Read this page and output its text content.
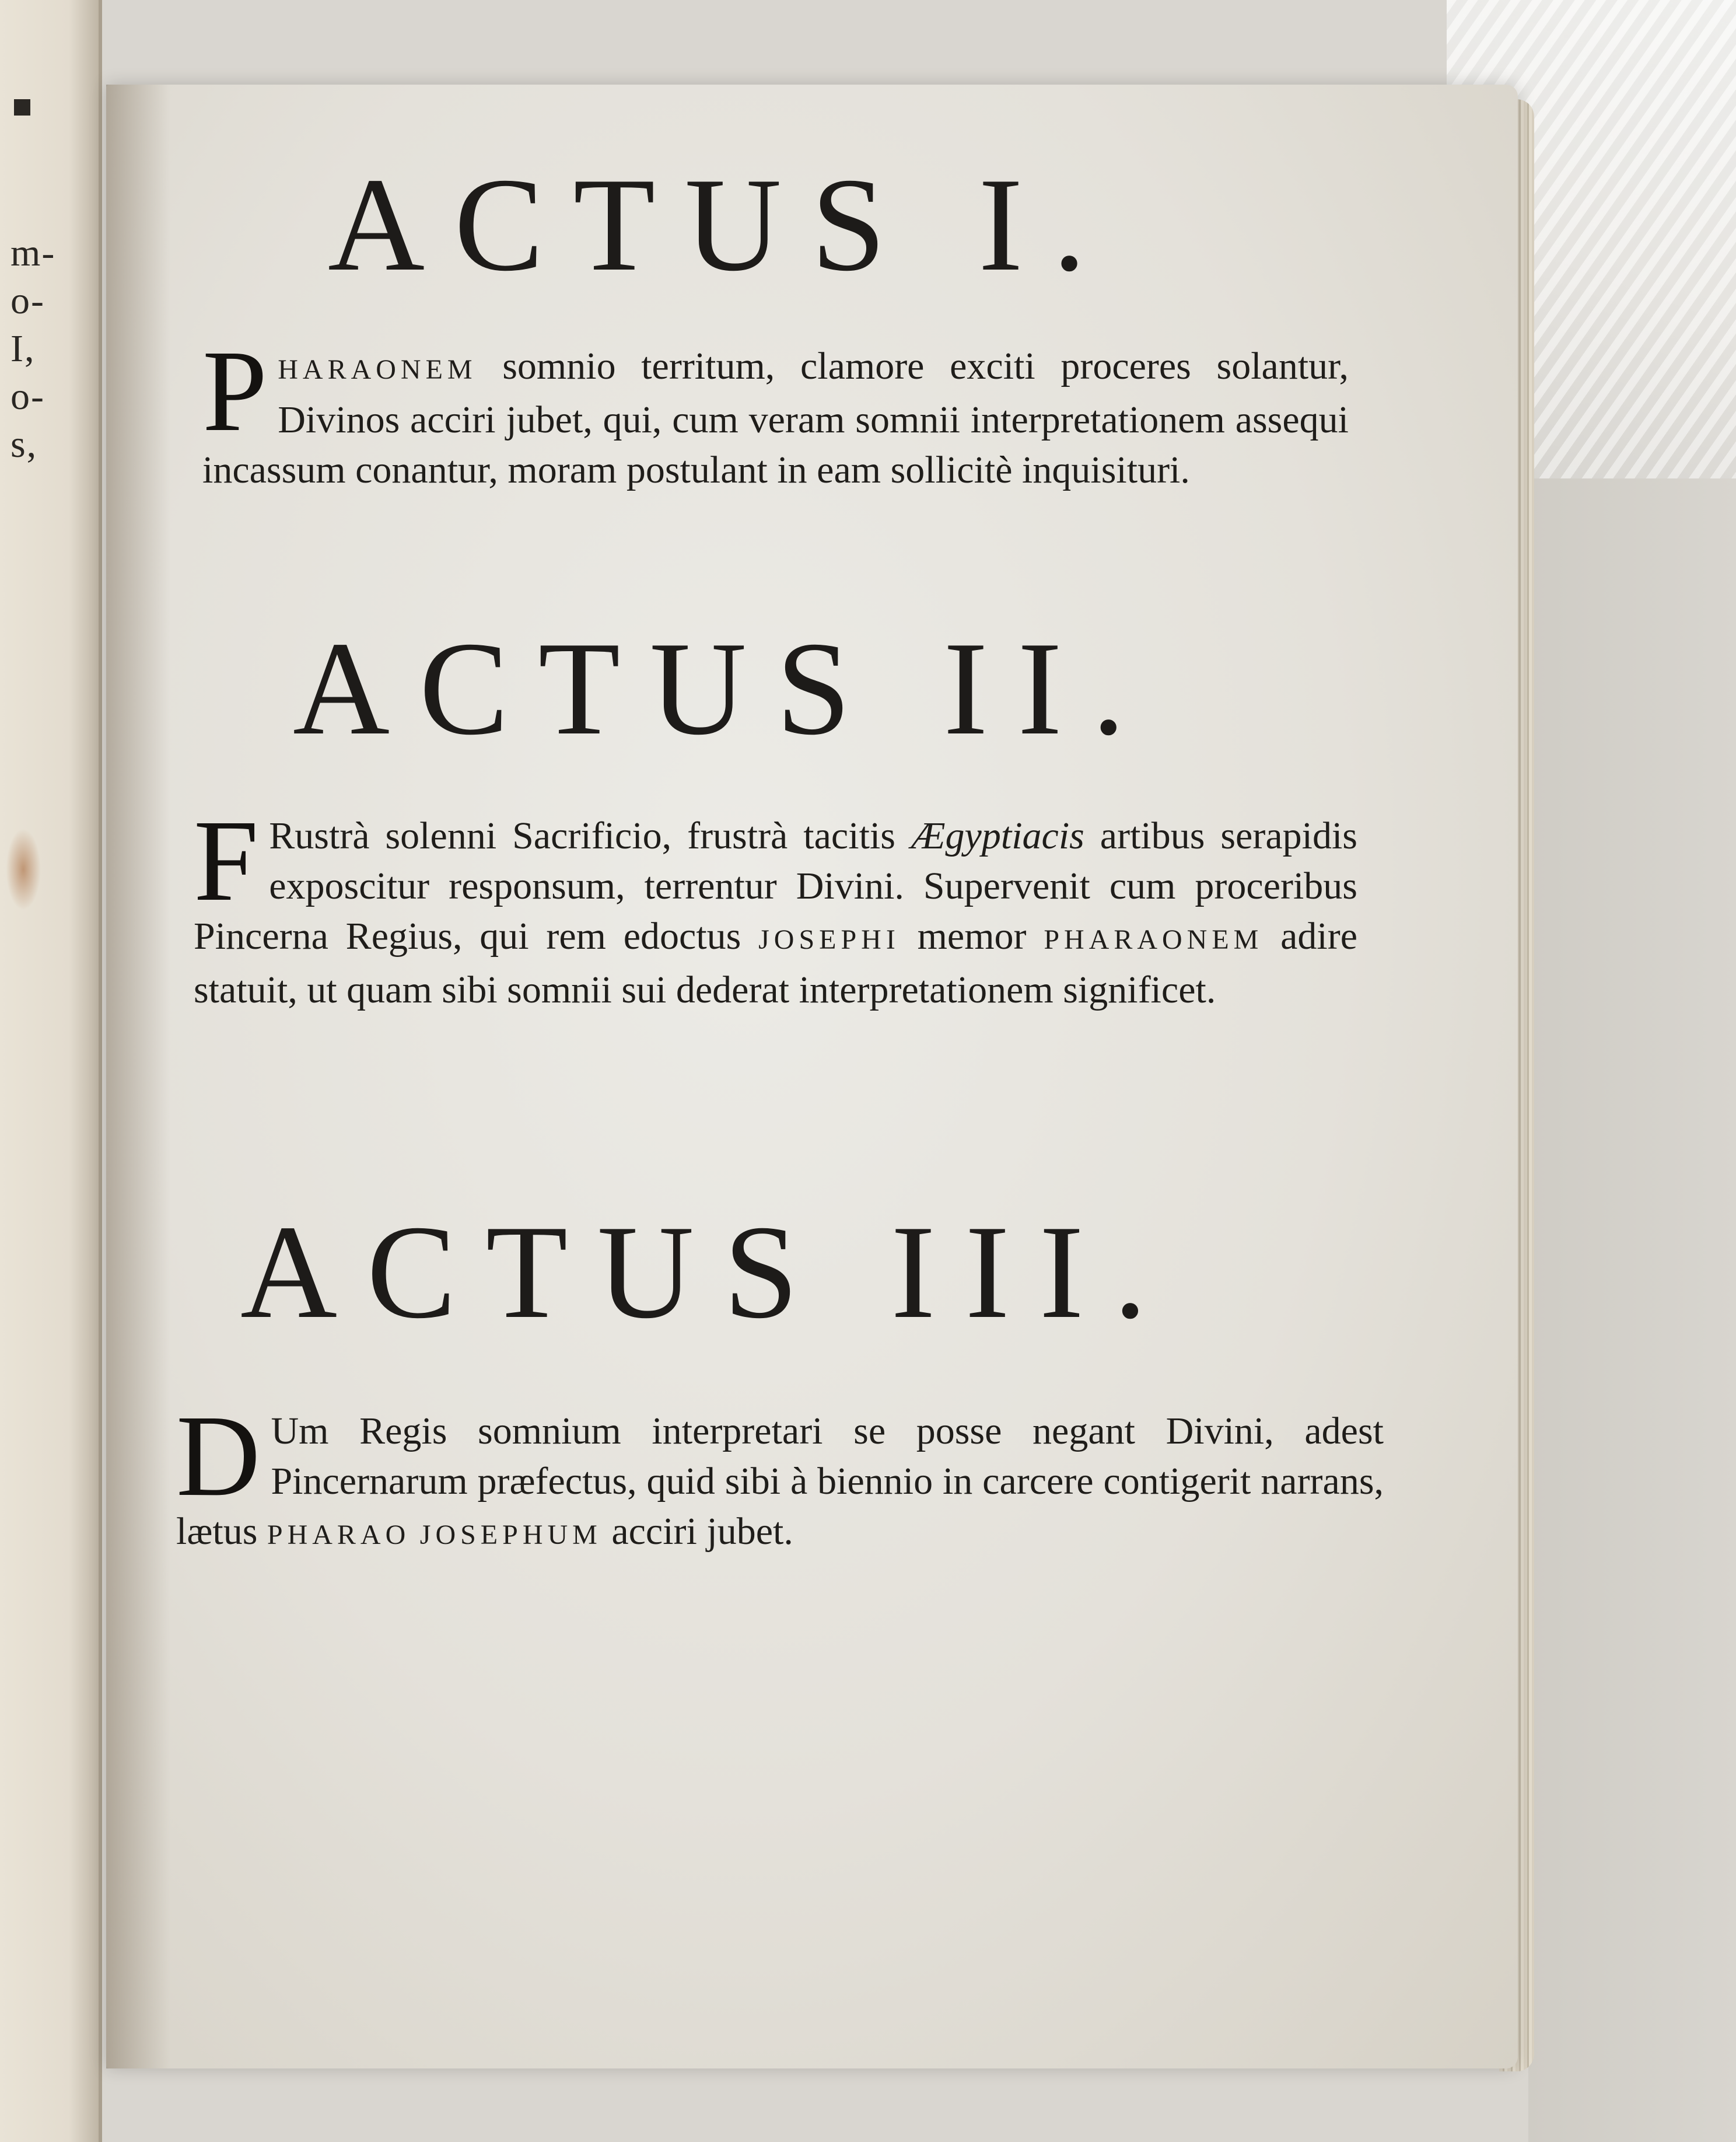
m-
o-
I,
o-
s,
ACTUS I.

PHARAONEM somnio territum, clamore exciti proceres solantur, Divinos acciri jubet, qui, cum veram somnii interpretationem assequi incassum conantur, moram postulant in eam sollicitè inquisituri.

ACTUS II.

F Rustrà solenni Sacrificio, frustrà tacitis Ægyptiacis artibus serapidis exposcitur responsum, terrentur Divini. Supervenit cum proceribus Pincerna Regius, qui rem edoctus JOSEPHI memor PHARAONEM adire statuit, ut quam sibi somnii sui dederat interpretationem significet.

ACTUS III.

D Um Regis somnium interpretari se posse negant Divini, adest Pincernarum præfectus, quid sibi à biennio in carcere contigerit narrans, lætus PHARAO JOSEPHUM acciri jubet.
